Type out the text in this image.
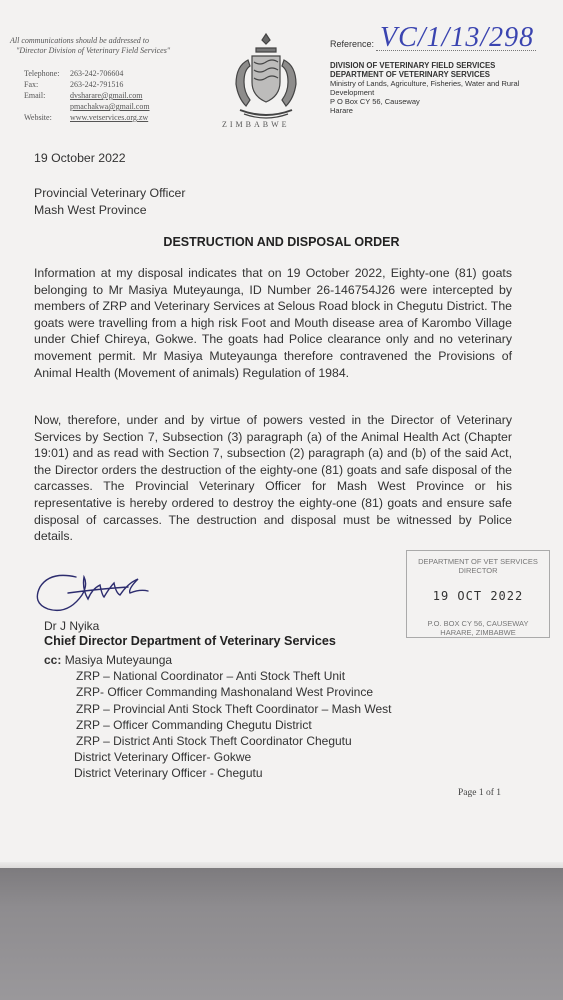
All communications should be addressed to
"Director Division of Veterinary Field Services"
Telephone: 263-242-706604
Fax:	263-242-791516
Email:	dvsharare@gmail.com
pmachakwa@gmail.com
Website: www.vetservices.org.zw
ZIMBABWE
Reference: VC/1/13/298
DIVISION OF VETERINARY FIELD SERVICES
DEPARTMENT OF VETERINARY SERVICES
Ministry of Lands, Agriculture, Fisheries, Water and Rural Development
P O Box CY 56, Causeway
Harare
19 October 2022
Provincial Veterinary Officer
Mash West Province
DESTRUCTION AND DISPOSAL ORDER
Information at my disposal indicates that on 19 October 2022, Eighty-one (81) goats belonging to Mr Masiya Muteyaunga, ID Number 26-146754J26 were intercepted by members of ZRP and Veterinary Services at Selous Road block in Chegutu District. The goats were travelling from a high risk Foot and Mouth disease area of Karombo Village under Chief Chireya, Gokwe. The goats had Police clearance only and no veterinary movement permit. Mr Masiya Muteyaunga therefore contravened the Provisions of Animal Health (Movement of animals) Regulation of 1984.
Now, therefore, under and by virtue of powers vested in the Director of Veterinary Services by Section 7, Subsection (3) paragraph (a) of the Animal Health Act (Chapter 19:01) and as read with Section 7, subsection (2) paragraph (a) and (b) of the said Act, the Director orders the destruction of the eighty-one (81) goats and safe disposal of the carcasses. The Provincial Veterinary Officer for Mash West Province or his representative is hereby ordered to destroy the eighty-one (81) goats and ensure safe disposal of carcasses. The destruction and disposal must be witnessed by Police details.
DEPARTMENT OF VET SERVICES
DIRECTOR
19 OCT 2022
P.O. BOX CY 56, CAUSEWAY
HARARE, ZIMBABWE
Dr J Nyika
Chief Director Department of Veterinary Services
cc: Masiya Muteyaunga
ZRP – National Coordinator – Anti Stock Theft Unit
ZRP- Officer Commanding Mashonaland West Province
ZRP – Provincial Anti Stock Theft Coordinator – Mash West
ZRP – Officer Commanding Chegutu District
ZRP – District Anti Stock Theft Coordinator Chegutu
District Veterinary Officer- Gokwe
District Veterinary Officer - Chegutu
Page 1 of 1
